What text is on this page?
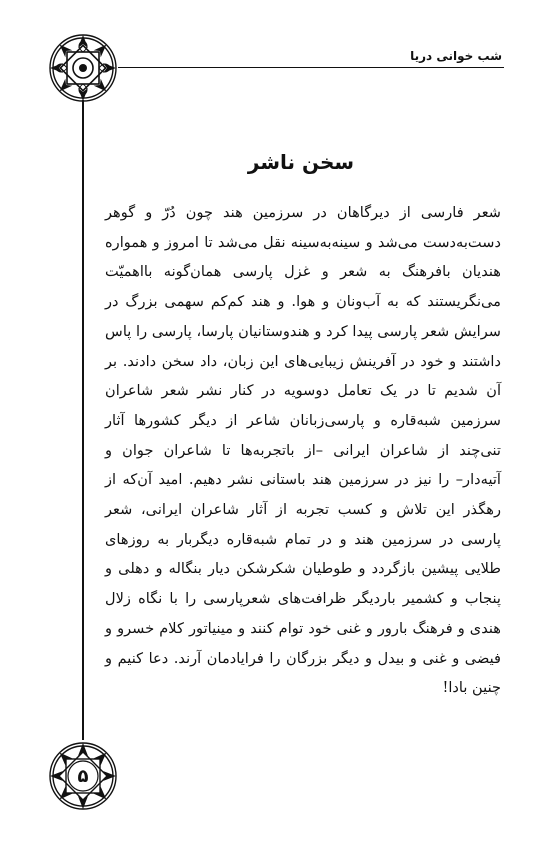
شب خوانی دریا
سخن ناشر
شعر فارسی از دیرگاهان در سرزمین هند چون دُرّ و گوهر دست‌به‌دست می‌شد و سینه‌به‌سینه نقل می‌شد تا امروز و همواره هندیان بافرهنگ به شعر و غزل پارسی همان‌گونه بااهمیّت می‌نگریستند که به آب‌ونان و هوا. و هند کم‌کم سهمی بزرگ در سرایش شعر پارسی پیدا کرد و هندوستانیان پارسا، پارسی را پاس داشتند و خود در آفرینش زیبایی‌های این زبان، داد سخن دادند. بر آن شدیم تا در یک تعامل دوسویه در کنار نشر شعر شاعران سرزمین شبه‌قاره و پارسی‌زبانان شاعر از دیگر کشورها آثار تنی‌چند از شاعران ایرانی –از باتجربه‌ها تا شاعران جوان و آتیه‌دار– را نیز در سرزمین هند باستانی نشر دهیم. امید آن‌که از رهگذر این تلاش و کسب تجربه از آثار شاعران ایرانی، شعر پارسی در سرزمین هند و در تمام شبه‌قاره دیگربار به روزهای طلایی پیشین بازگردد و طوطیان شکرشکن دیار بنگاله و دهلی و پنجاب و کشمیر باردیگر ظرافت‌های شعرپارسی را با نگاه زلال هندی و فرهنگ بارور و غنی خود توام کنند و مینیاتور کلام خسرو و فیضی و غنی و بیدل و دیگر بزرگان را فرایادمان آرند. دعا کنیم و چنین بادا!
۵
